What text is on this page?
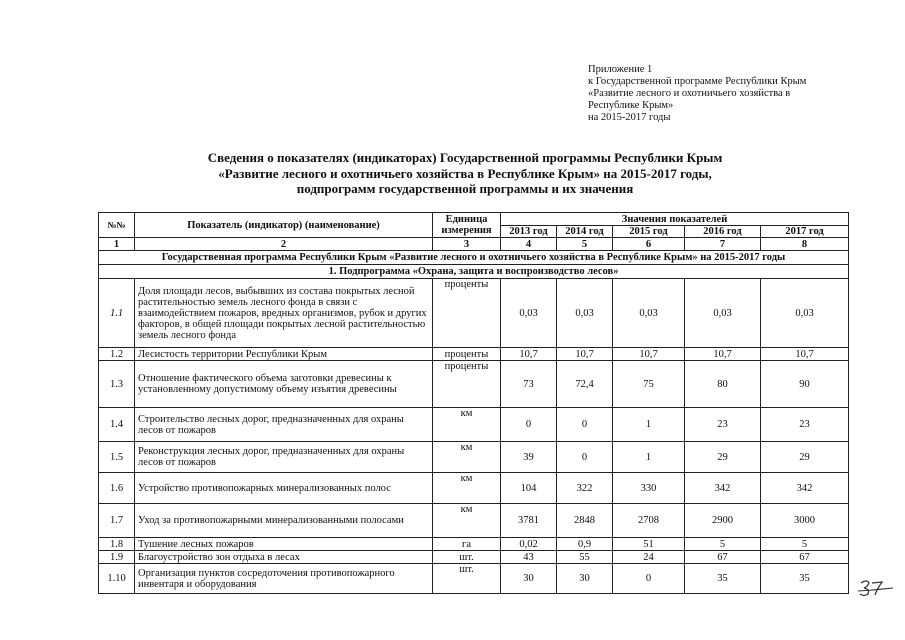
Приложение 1
к Государственной программе Республики Крым
«Развитие лесного и охотничьего хозяйства в
Республике Крым»
на 2015-2017 годы
Сведения о показателях (индикаторах) Государственной программы Республики Крым
«Развитие лесного и охотничьего хозяйства в Республике Крым» на 2015-2017 годы,
подпрограмм государственной программы и их значения
№№	Показатель (индикатор) (наименование)	Единица измерения	Значения показателей				
			2013 год	2014 год	2015 год	2016 год	2017 год
1	2	3	4	5	6	7	8
Государственная программа Республики Крым «Развитие лесного и охотничьего хозяйства в Республике Крым» на 2015-2017 годы							
1. Подпрограмма «Охрана, защита и воспроизводство лесов»							
1.1	Доля площади лесов, выбывших из состава покрытых лесной растительностью земель лесного фонда в связи с взаимодействием пожаров, вредных организмов, рубок и других факторов, в общей площади покрытых лесной растительностью земель лесного фонда	проценты	0,03	0,03	0,03	0,03	0,03
1.2	Лесистость территории Республики Крым	проценты	10,7	10,7	10,7	10,7	10,7
1.3	Отношение фактического объема заготовки древесины к установленному допустимому объему изъятия древесины	проценты	73	72,4	75	80	90
1.4	Строительство лесных дорог, предназначенных для охраны лесов от пожаров	км	0	0	1	23	23
1.5	Реконструкция лесных дорог, предназначенных для охраны лесов от пожаров	км	39	0	1	29	29
1.6	Устройство противопожарных минерализованных полос	км	104	322	330	342	342
1.7	Уход за противопожарными минерализованными полосами	км	3781	2848	2708	2900	3000
1.8	Тушение лесных пожаров	га	0,02	0,9	51	5	5
1.9	Благоустройство зон отдыха в лесах	шт.	43	55	24	67	67
1.10	Организация пунктов сосредоточения противопожарного инвентаря и оборудования	шт.	30	30	0	35	35
